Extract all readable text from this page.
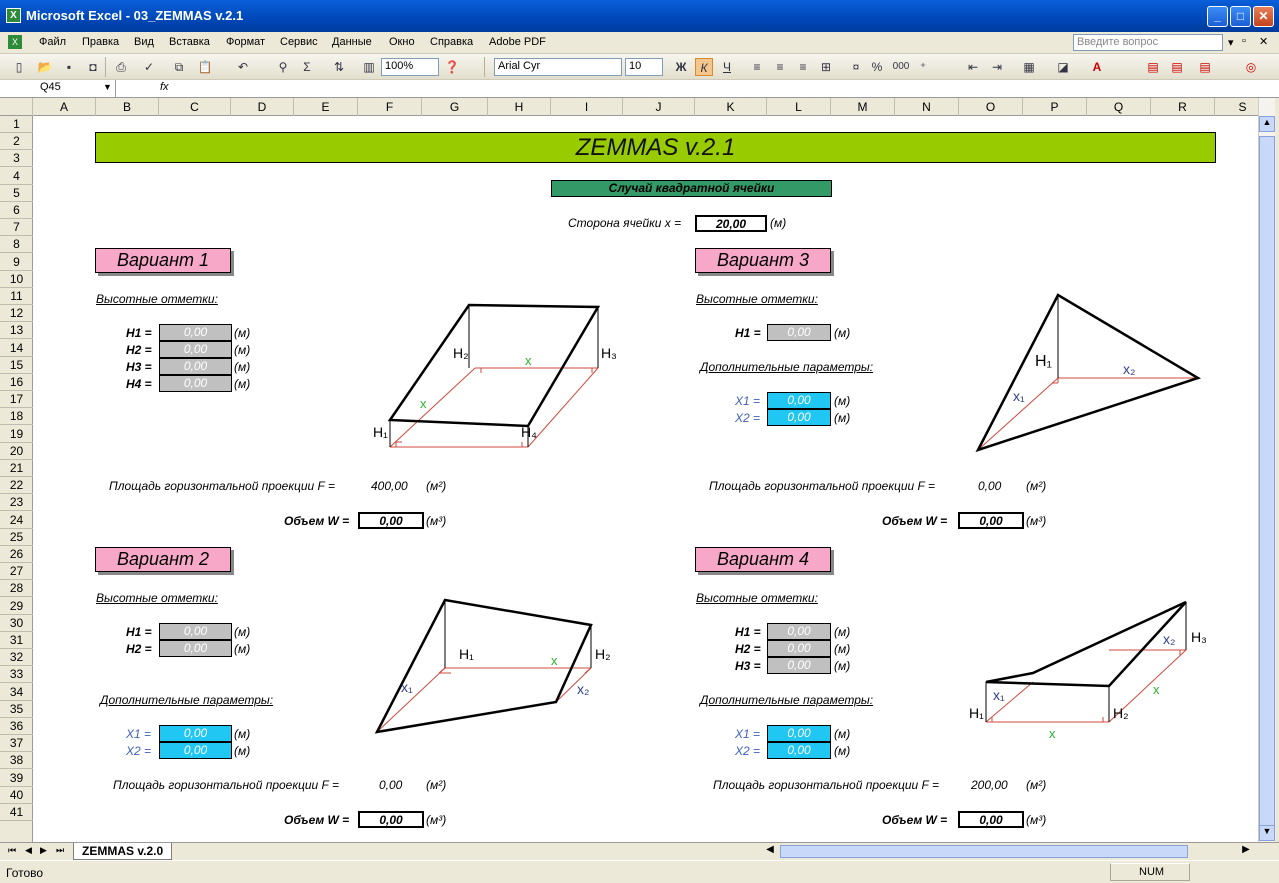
X Microsoft Excel - 03_ZEMMAS v.2.1	_	□	✕
X	Файл Правка Вид Вставка Формат Сервис Данные Окно Справка Adobe PDF	Введите вопрос	▾ ▫ ✕
▯	📂	▪	◘	⎙	✓	⧉	📋	↶	⚲	Σ	⇅	▥ 100%	❓	Arial Cyr	10	Ж	К	Ч	≡	≡	≡	⊞	¤	%	000 ⁺	⇤	⇥	▦ ◪	A	▤ ▤ ▤	◎
Q45	▼	fx
A	B	C	D	E	F	G	H	I	J	K	L	M	N	O	P	Q	R	S
1
2
3
4
5
6
7
8
9
10
11
12
13
14
15
16
17
18
19
20
21
22
23
24
25
26
27
28
29
30
31
32
33
34
35
36
37
38
39
40
41
ZEMMAS v.2.1
Случай квадратной ячейки
Сторона ячейки x =	20,00	(м)
Вариант 1
Высотные отметки:
H1 =	0,00	(м)
H2 =	0,00	(м)
H3 =	0,00	(м)
H4 =	0,00	(м)
Площадь горизонтальной проекции F =	400,00 (м²)
Объем W =	0,00	(м³)
H₁
H₂	H₃
H₄
x
x
Вариант 3
Высотные отметки:
H1 =	0,00	(м)
Дополнительные параметры:
X1 =	0,00	(м)
X2 =	0,00	(м)
Площадь горизонтальной проекции F =	0,00 (м²)
Объем W =	0,00	(м³)
H₁
x₁
x₂
Вариант 2
Высотные отметки:
H1 =	0,00	(м)
H2 =	0,00	(м)
Дополнительные параметры:
X1 =	0,00	(м)
X2 =	0,00	(м)
Площадь горизонтальной проекции F =	0,00 (м²)
Объем W =	0,00	(м³)
H₁	H₂
x
x₁	x₂
Вариант 4
Высотные отметки:
H1 =	0,00	(м)
H2 =	0,00	(м)
H3 =	0,00	(м)
Дополнительные параметры:
X1 =	0,00	(м)
X2 =	0,00	(м)
Площадь горизонтальной проекции F =	200,00 (м²)
Объем W =	0,00	(м³)
H₁	H₂
H₃
x₁
x₂
x
x
▲
▼
⏮ ◀ ▶ ⏭	ZEMMAS v.2.0	◀	▶
Готово	NUM
